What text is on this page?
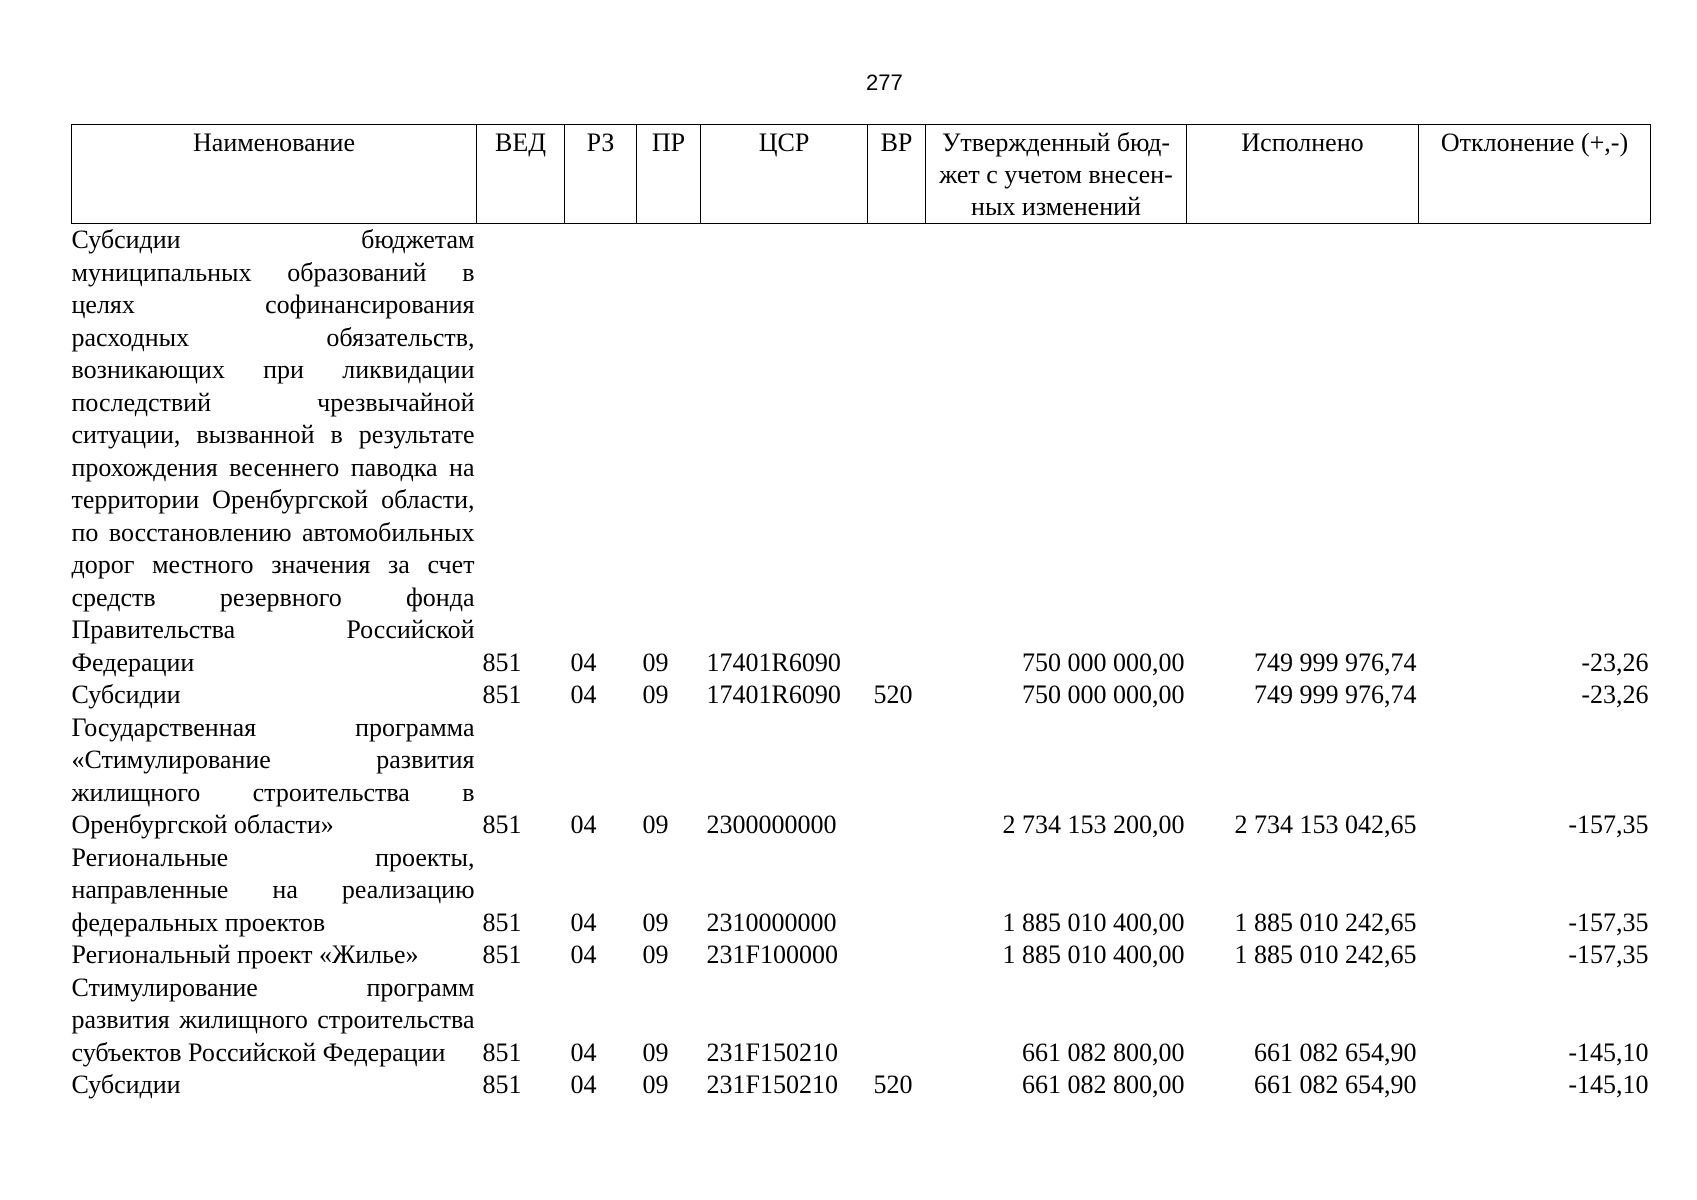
277
Наименование	ВЕД	РЗ	ПР	ЦСР	ВР	Утвержденный бюд-жет с учетом внесен-ных изменений	Исполнено	Отклонение (+,-)
Субсидии бюджетам муниципальных образований в целях софинансирования расходных обязательств, возникающих при ликвидации последствий чрезвычайной ситуации, вызванной в результате прохождения весеннего паводка на территории Оренбургской области, по восстановлению автомобильных дорог местного значения за счет средств резервного фонда Правительства Российской Федерации	851	04	09	17401R6090		750 000 000,00	749 999 976,74	-23,26
Субсидии	851	04	09	17401R6090	520	750 000 000,00	749 999 976,74	-23,26
Государственная программа «Стимулирование развития жилищного строительства в Оренбургской области»	851	04	09	2300000000		2 734 153 200,00	2 734 153 042,65	-157,35
Региональные проекты, направленные на реализацию федеральных проектов	851	04	09	2310000000		1 885 010 400,00	1 885 010 242,65	-157,35
Региональный проект «Жилье»	851	04	09	231F100000		1 885 010 400,00	1 885 010 242,65	-157,35
Стимулирование программ развития жилищного строительства субъектов Российской Федерации	851	04	09	231F150210		661 082 800,00	661 082 654,90	-145,10
Субсидии	851	04	09	231F150210	520	661 082 800,00	661 082 654,90	-145,10
